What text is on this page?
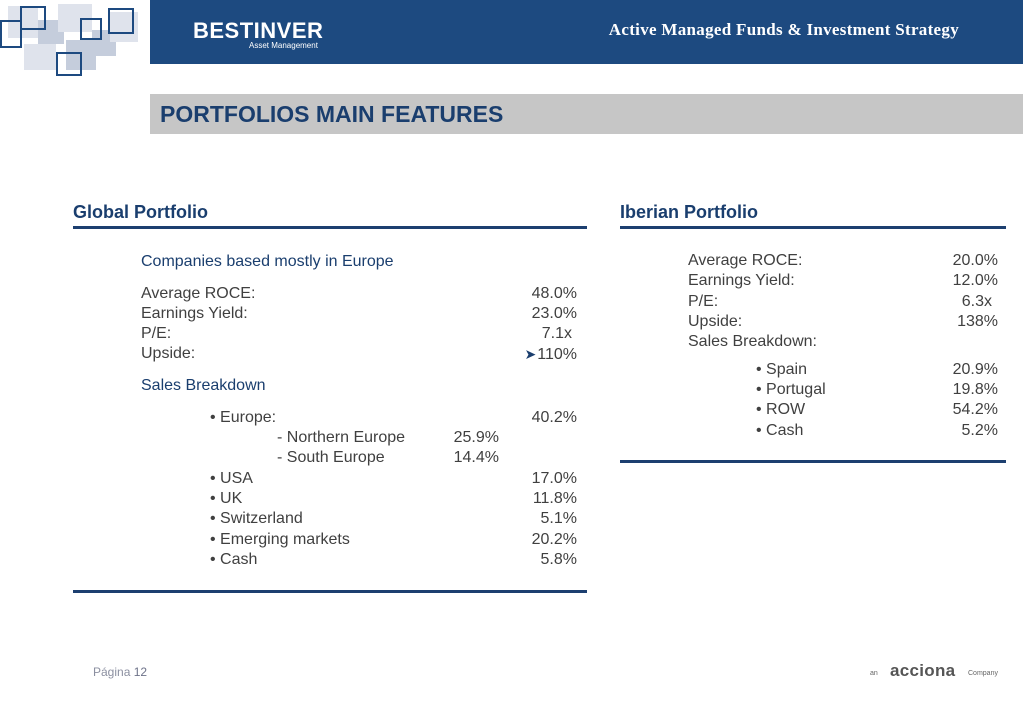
BESTINVER
Asset Management
Active Managed Funds & Investment Strategy
PORTFOLIOS MAIN FEATURES
Global Portfolio
Companies based mostly in Europe
Average ROCE:	48.0%
Earnings Yield:	23.0%
P/E:	7.1x
Upside:	➤110%
Sales Breakdown
• Europe:	40.2%
- Northern Europe	25.9%
- South Europe	14.4%
• USA	17.0%
• UK	11.8%
• Switzerland	5.1%
• Emerging markets	20.2%
• Cash	5.8%
Iberian Portfolio
Average ROCE:	20.0%
Earnings Yield:	12.0%
P/E:	6.3x
Upside:	138%
Sales Breakdown:
• Spain	20.9%
• Portugal	19.8%
• ROW	54.2%
• Cash	5.2%
Página 12	an acciona Company
